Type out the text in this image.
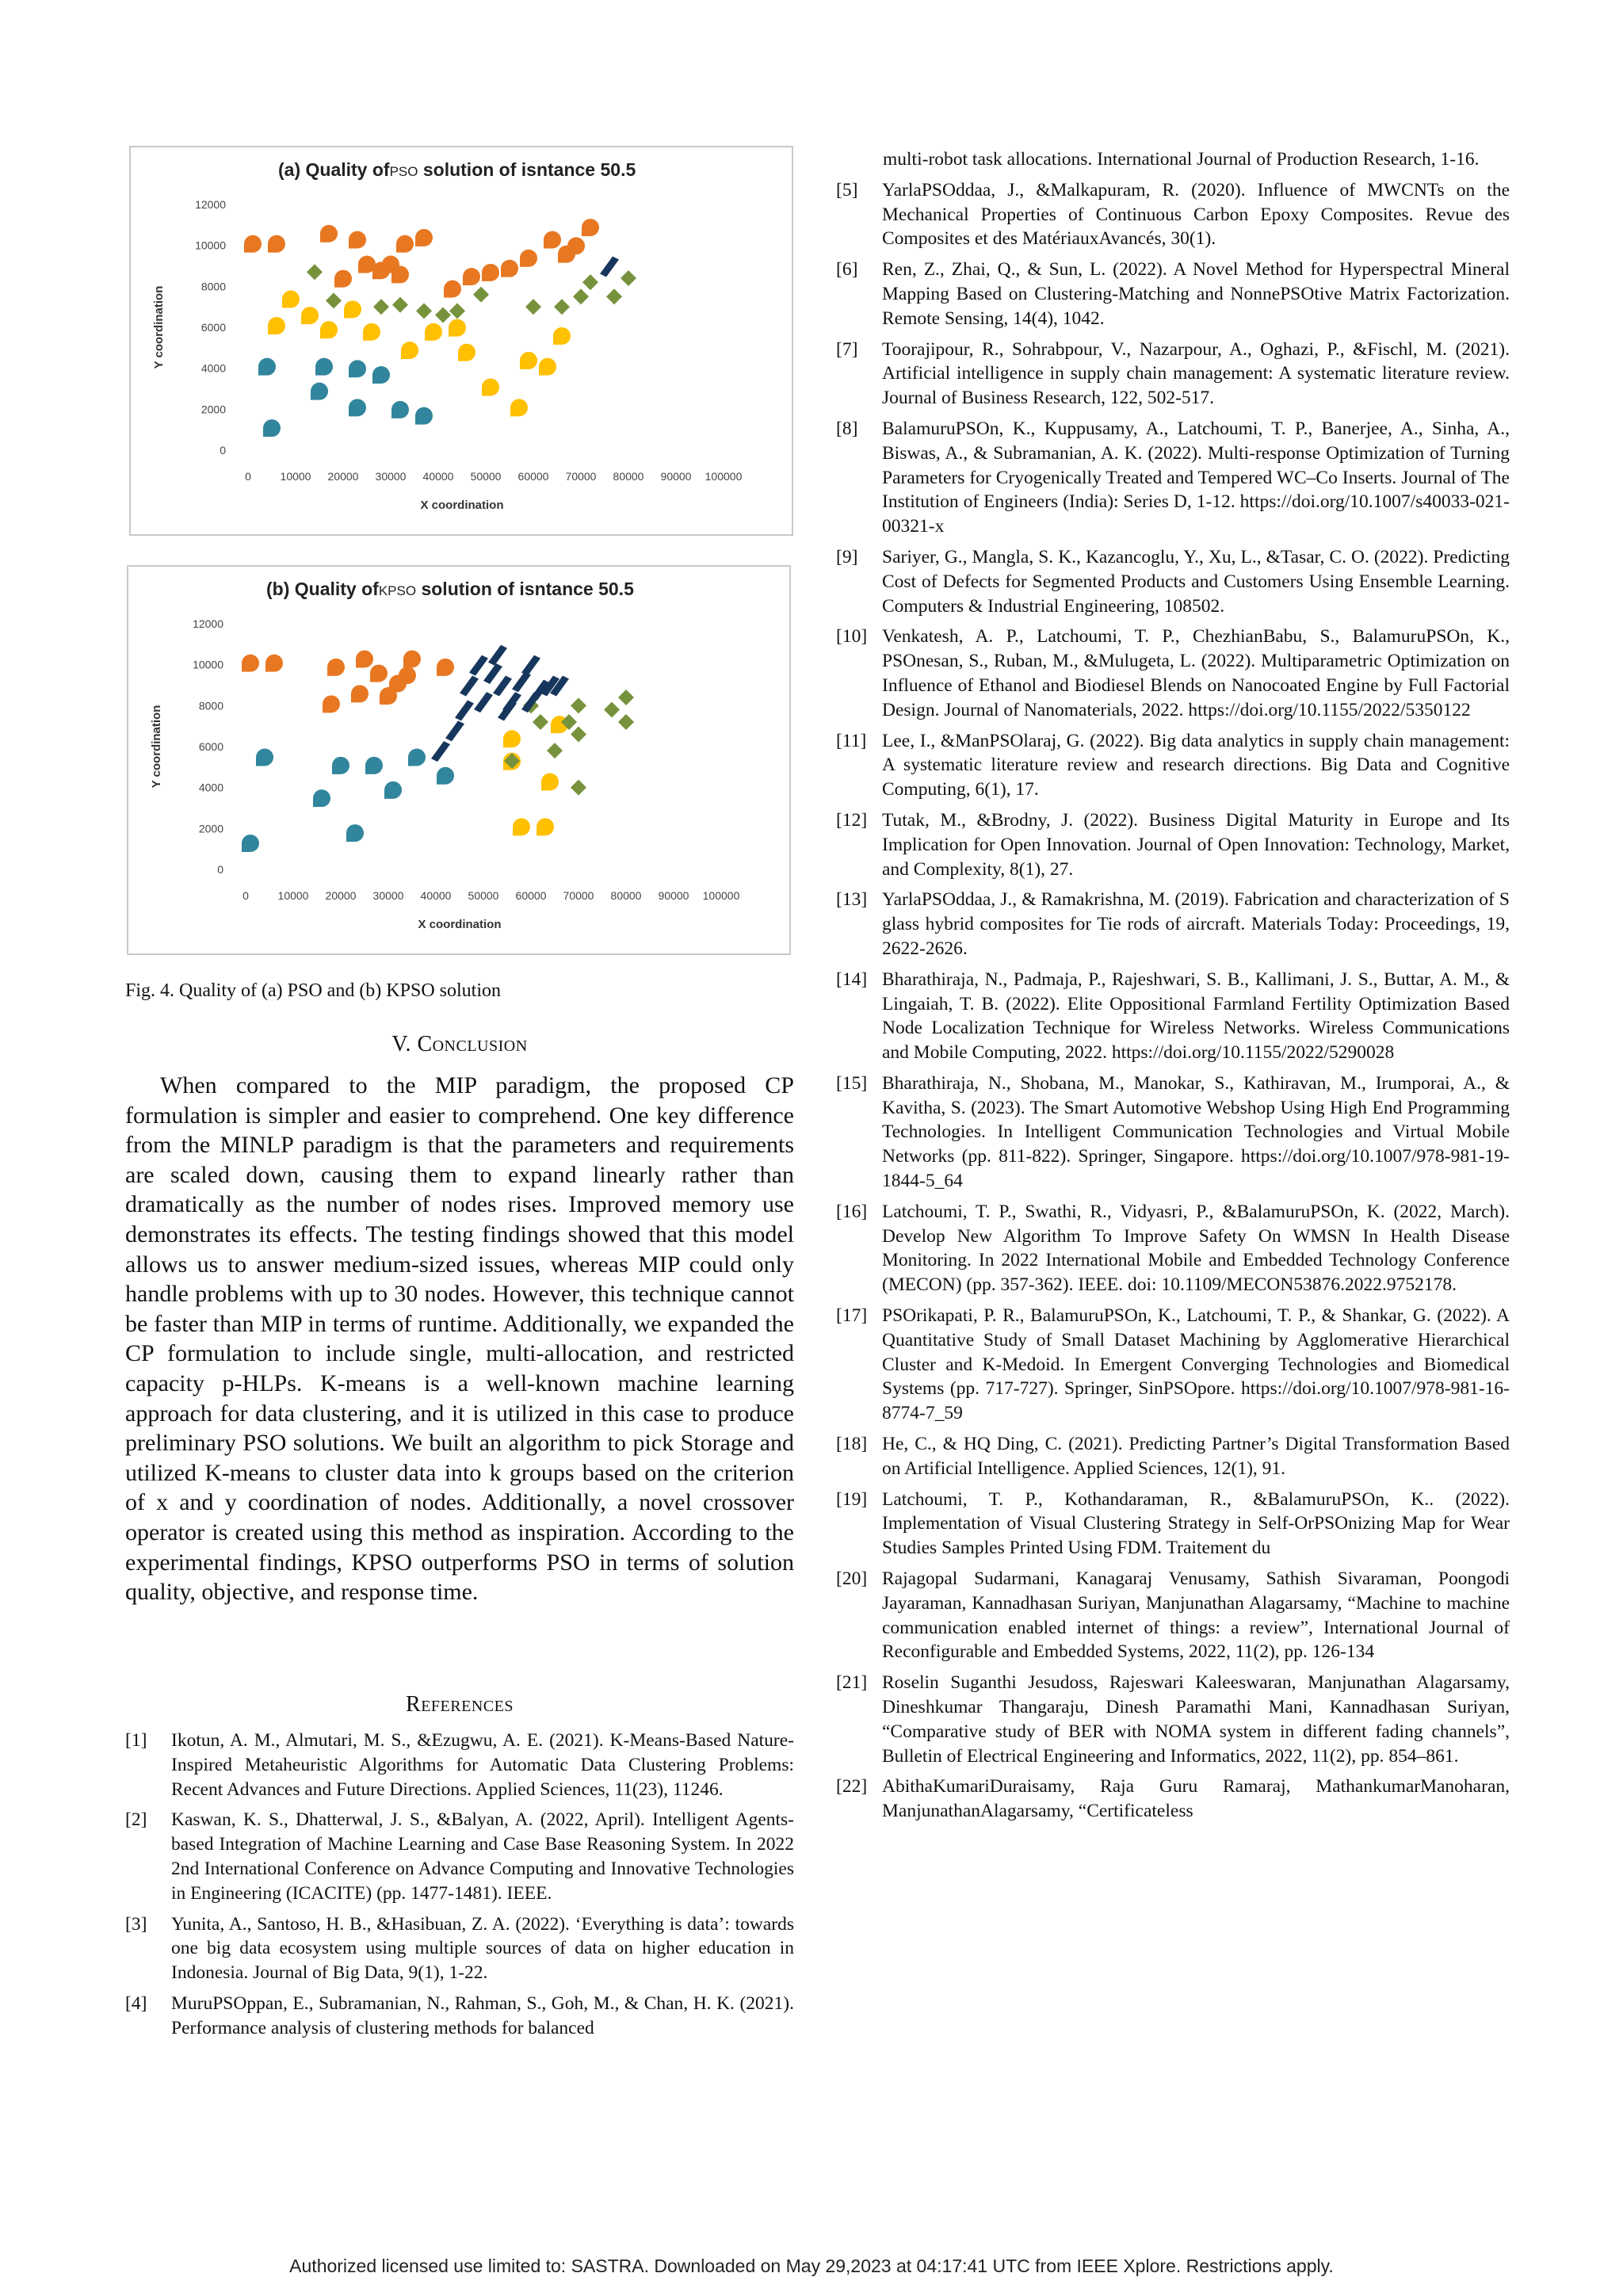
(a) Quality ofPSO solution of isntance 50.5
0
2000
4000
6000
8000
10000
12000
0	10000 20000 30000 40000 50000 60000 70000 80000 90000 100000
X coordination
Y coordination
(b) Quality ofKPSO solution of isntance 50.5
0
2000
4000
6000
8000
10000
12000
0	10000 20000 30000 40000 50000 60000 70000 80000 90000 100000
X coordination
Y coordination
Fig. 4. Quality of (a) PSO and (b) KPSO solution
V. Conclusion
When compared to the MIP paradigm, the proposed CP formulation is simpler and easier to comprehend. One key difference from the MINLP paradigm is that the parameters and requirements are scaled down, causing them to expand linearly rather than dramatically as the number of nodes rises. Improved memory use demonstrates its effects. The testing findings showed that this model allows us to answer medium-sized issues, whereas MIP could only handle problems with up to 30 nodes. However, this technique cannot be faster than MIP in terms of runtime. Additionally, we expanded the CP formulation to include single, multi-allocation, and restricted capacity p-HLPs. K-means is a well-known machine learning approach for data clustering, and it is utilized in this case to produce preliminary PSO solutions. We built an algorithm to pick Storage and utilized K-means to cluster data into k groups based on the criterion of x and y coordination of nodes. Additionally, a novel crossover operator is created using this method as inspiration. According to the experimental findings, KPSO outperforms PSO in terms of solution quality, objective, and response time.
References
[1]	Ikotun, A. M., Almutari, M. S., &Ezugwu, A. E. (2021). K-Means-Based Nature-Inspired Metaheuristic Algorithms for Automatic Data Clustering Problems: Recent Advances and Future Directions. Applied Sciences, 11(23), 11246.
[2]	Kaswan, K. S., Dhatterwal, J. S., &Balyan, A. (2022, April). Intelligent Agents-based Integration of Machine Learning and Case Base Reasoning System. In 2022 2nd International Conference on Advance Computing and Innovative Technologies in Engineering (ICACITE) (pp. 1477-1481). IEEE.
[3]	Yunita, A., Santoso, H. B., &Hasibuan, Z. A. (2022). ‘Everything is data’: towards one big data ecosystem using multiple sources of data on higher education in Indonesia. Journal of Big Data, 9(1), 1-22.
[4]	MuruPSOppan, E., Subramanian, N., Rahman, S., Goh, M., & Chan, H. K. (2021). Performance analysis of clustering methods for balanced
multi-robot task allocations. International Journal of Production Research, 1-16.
[5]	YarlaPSOddaa, J., &Malkapuram, R. (2020). Influence of MWCNTs on the Mechanical Properties of Continuous Carbon Epoxy Composites. Revue des Composites et des MatériauxAvancés, 30(1).
[6]	Ren, Z., Zhai, Q., & Sun, L. (2022). A Novel Method for Hyperspectral Mineral Mapping Based on Clustering-Matching and NonnePSOtive Matrix Factorization. Remote Sensing, 14(4), 1042.
[7]	Toorajipour, R., Sohrabpour, V., Nazarpour, A., Oghazi, P., &Fischl, M. (2021). Artificial intelligence in supply chain management: A systematic literature review. Journal of Business Research, 122, 502-517.
[8]	BalamuruPSOn, K., Kuppusamy, A., Latchoumi, T. P., Banerjee, A., Sinha, A., Biswas, A., & Subramanian, A. K. (2022). Multi-response Optimization of Turning Parameters for Cryogenically Treated and Tempered WC–Co Inserts. Journal of The Institution of Engineers (India): Series D, 1-12. https://doi.org/10.1007/s40033-021-00321-x
[9]	Sariyer, G., Mangla, S. K., Kazancoglu, Y., Xu, L., &Tasar, C. O. (2022). Predicting Cost of Defects for Segmented Products and Customers Using Ensemble Learning. Computers & Industrial Engineering, 108502.
[10] Venkatesh, A. P., Latchoumi, T. P., ChezhianBabu, S., BalamuruPSOn, K., PSOnesan, S., Ruban, M., &Mulugeta, L. (2022). Multiparametric Optimization on Influence of Ethanol and Biodiesel Blends on Nanocoated Engine by Full Factorial Design. Journal of Nanomaterials, 2022. https://doi.org/10.1155/2022/5350122
[11] Lee, I., &ManPSOlaraj, G. (2022). Big data analytics in supply chain management: A systematic literature review and research directions. Big Data and Cognitive Computing, 6(1), 17.
[12] Tutak, M., &Brodny, J. (2022). Business Digital Maturity in Europe and Its Implication for Open Innovation. Journal of Open Innovation: Technology, Market, and Complexity, 8(1), 27.
[13] YarlaPSOddaa, J., & Ramakrishna, M. (2019). Fabrication and characterization of S glass hybrid composites for Tie rods of aircraft. Materials Today: Proceedings, 19, 2622-2626.
[14] Bharathiraja, N., Padmaja, P., Rajeshwari, S. B., Kallimani, J. S., Buttar, A. M., & Lingaiah, T. B. (2022). Elite Oppositional Farmland Fertility Optimization Based Node Localization Technique for Wireless Networks. Wireless Communications and Mobile Computing, 2022. https://doi.org/10.1155/2022/5290028
[15] Bharathiraja, N., Shobana, M., Manokar, S., Kathiravan, M., Irumporai, A., & Kavitha, S. (2023). The Smart Automotive Webshop Using High End Programming Technologies. In Intelligent Communication Technologies and Virtual Mobile Networks (pp. 811-822). Springer, Singapore. https://doi.org/10.1007/978-981-19-1844-5_64
[16] Latchoumi, T. P., Swathi, R., Vidyasri, P., &BalamuruPSOn, K. (2022, March). Develop New Algorithm To Improve Safety On WMSN In Health Disease Monitoring. In 2022 International Mobile and Embedded Technology Conference (MECON) (pp. 357-362). IEEE. doi: 10.1109/MECON53876.2022.9752178.
[17] PSOrikapati, P. R., BalamuruPSOn, K., Latchoumi, T. P., & Shankar, G. (2022). A Quantitative Study of Small Dataset Machining by Agglomerative Hierarchical Cluster and K-Medoid. In Emergent Converging Technologies and Biomedical Systems (pp. 717-727). Springer, SinPSOpore. https://doi.org/10.1007/978-981-16-8774-7_59
[18] He, C., & HQ Ding, C. (2021). Predicting Partner’s Digital Transformation Based on Artificial Intelligence. Applied Sciences, 12(1), 91.
[19] Latchoumi, T. P., Kothandaraman, R., &BalamuruPSOn, K.. (2022). Implementation of Visual Clustering Strategy in Self-OrPSOnizing Map for Wear Studies Samples Printed Using FDM. Traitement du
[20] Rajagopal Sudarmani, Kanagaraj Venusamy, Sathish Sivaraman, Poongodi Jayaraman, Kannadhasan Suriyan, Manjunathan Alagarsamy, “Machine to machine communication enabled internet of things: a review”, International Journal of Reconfigurable and Embedded Systems, 2022, 11(2), pp. 126-134
[21] Roselin Suganthi Jesudoss, Rajeswari Kaleeswaran, Manjunathan Alagarsamy, Dineshkumar Thangaraju, Dinesh Paramathi Mani, Kannadhasan Suriyan, “Comparative study of BER with NOMA system in different fading channels”, Bulletin of Electrical Engineering and Informatics, 2022, 11(2), pp. 854–861.
[22] AbithaKumariDuraisamy, Raja Guru Ramaraj, MathankumarManoharan, ManjunathanAlagarsamy, “Certificateless
Authorized licensed use limited to: SASTRA. Downloaded on May 29,2023 at 04:17:41 UTC from IEEE Xplore. Restrictions apply.
